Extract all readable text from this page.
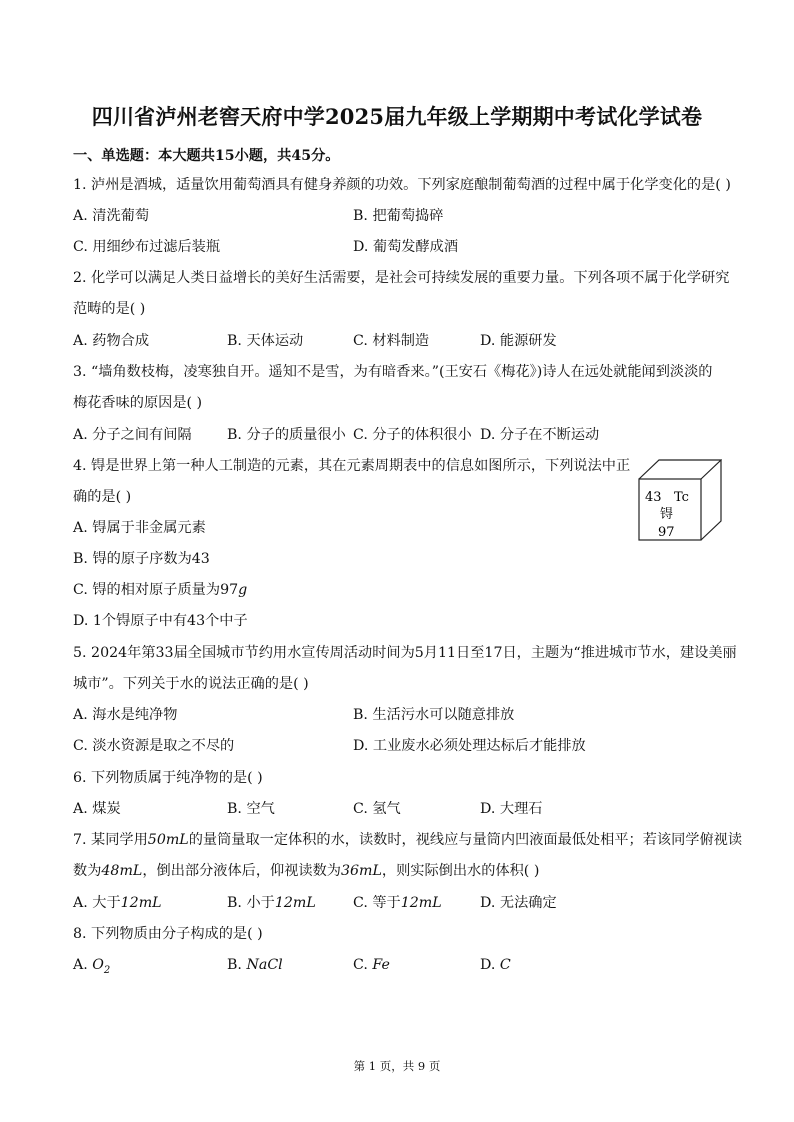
四川省泸州老窖天府中学2025届九年级上学期期中考试化学试卷
一、单选题：本大题共15小题，共45分。
1. 泸州是酒城，适量饮用葡萄酒具有健身养颜的功效。下列家庭酿制葡萄酒的过程中属于化学变化的是( )
A. 清洗葡萄	B. 把葡萄捣碎
C. 用细纱布过滤后装瓶	D. 葡萄发酵成酒
2. 化学可以满足人类日益增长的美好生活需要，是社会可持续发展的重要力量。下列各项不属于化学研究
范畴的是( )
A. 药物合成	B. 天体运动	C. 材料制造	D. 能源研发
3. “墙角数枝梅，凌寒独自开。遥知不是雪，为有暗香来。”(王安石《梅花》)诗人在远处就能闻到淡淡的
梅花香味的原因是( )
A. 分子之间有间隔 B. 分子的质量很小 C. 分子的体积很小 D. 分子在不断运动
4. 锝是世界上第一种人工制造的元素，其在元素周期表中的信息如图所示，下列说法中正
确的是( )
A. 锝属于非金属元素
B. 锝的原子序数为43
C. 锝的相对原子质量为97g
D. 1个锝原子中有43个中子
43 Tc
锝
97
5. 2024年第33届全国城市节约用水宣传周活动时间为5月11日至17日，主题为“推进城市节水，建设美丽
城市”。下列关于水的说法正确的是( )
A. 海水是纯净物	B. 生活污水可以随意排放
C. 淡水资源是取之不尽的	D. 工业废水必须处理达标后才能排放
6. 下列物质属于纯净物的是( )
A. 煤炭	B. 空气	C. 氢气	D. 大理石
7. 某同学用50mL的量筒量取一定体积的水，读数时，视线应与量筒内凹液面最低处相平；若该同学俯视读
数为48mL，倒出部分液体后，仰视读数为36mL，则实际倒出水的体积( )
A. 大于12mL	B. 小于12mL	C. 等于12mL	D. 无法确定
8. 下列物质由分子构成的是( )
A. $O_2$	B. NaCl	C. Fe	D. C
第 1 页，共 9 页
